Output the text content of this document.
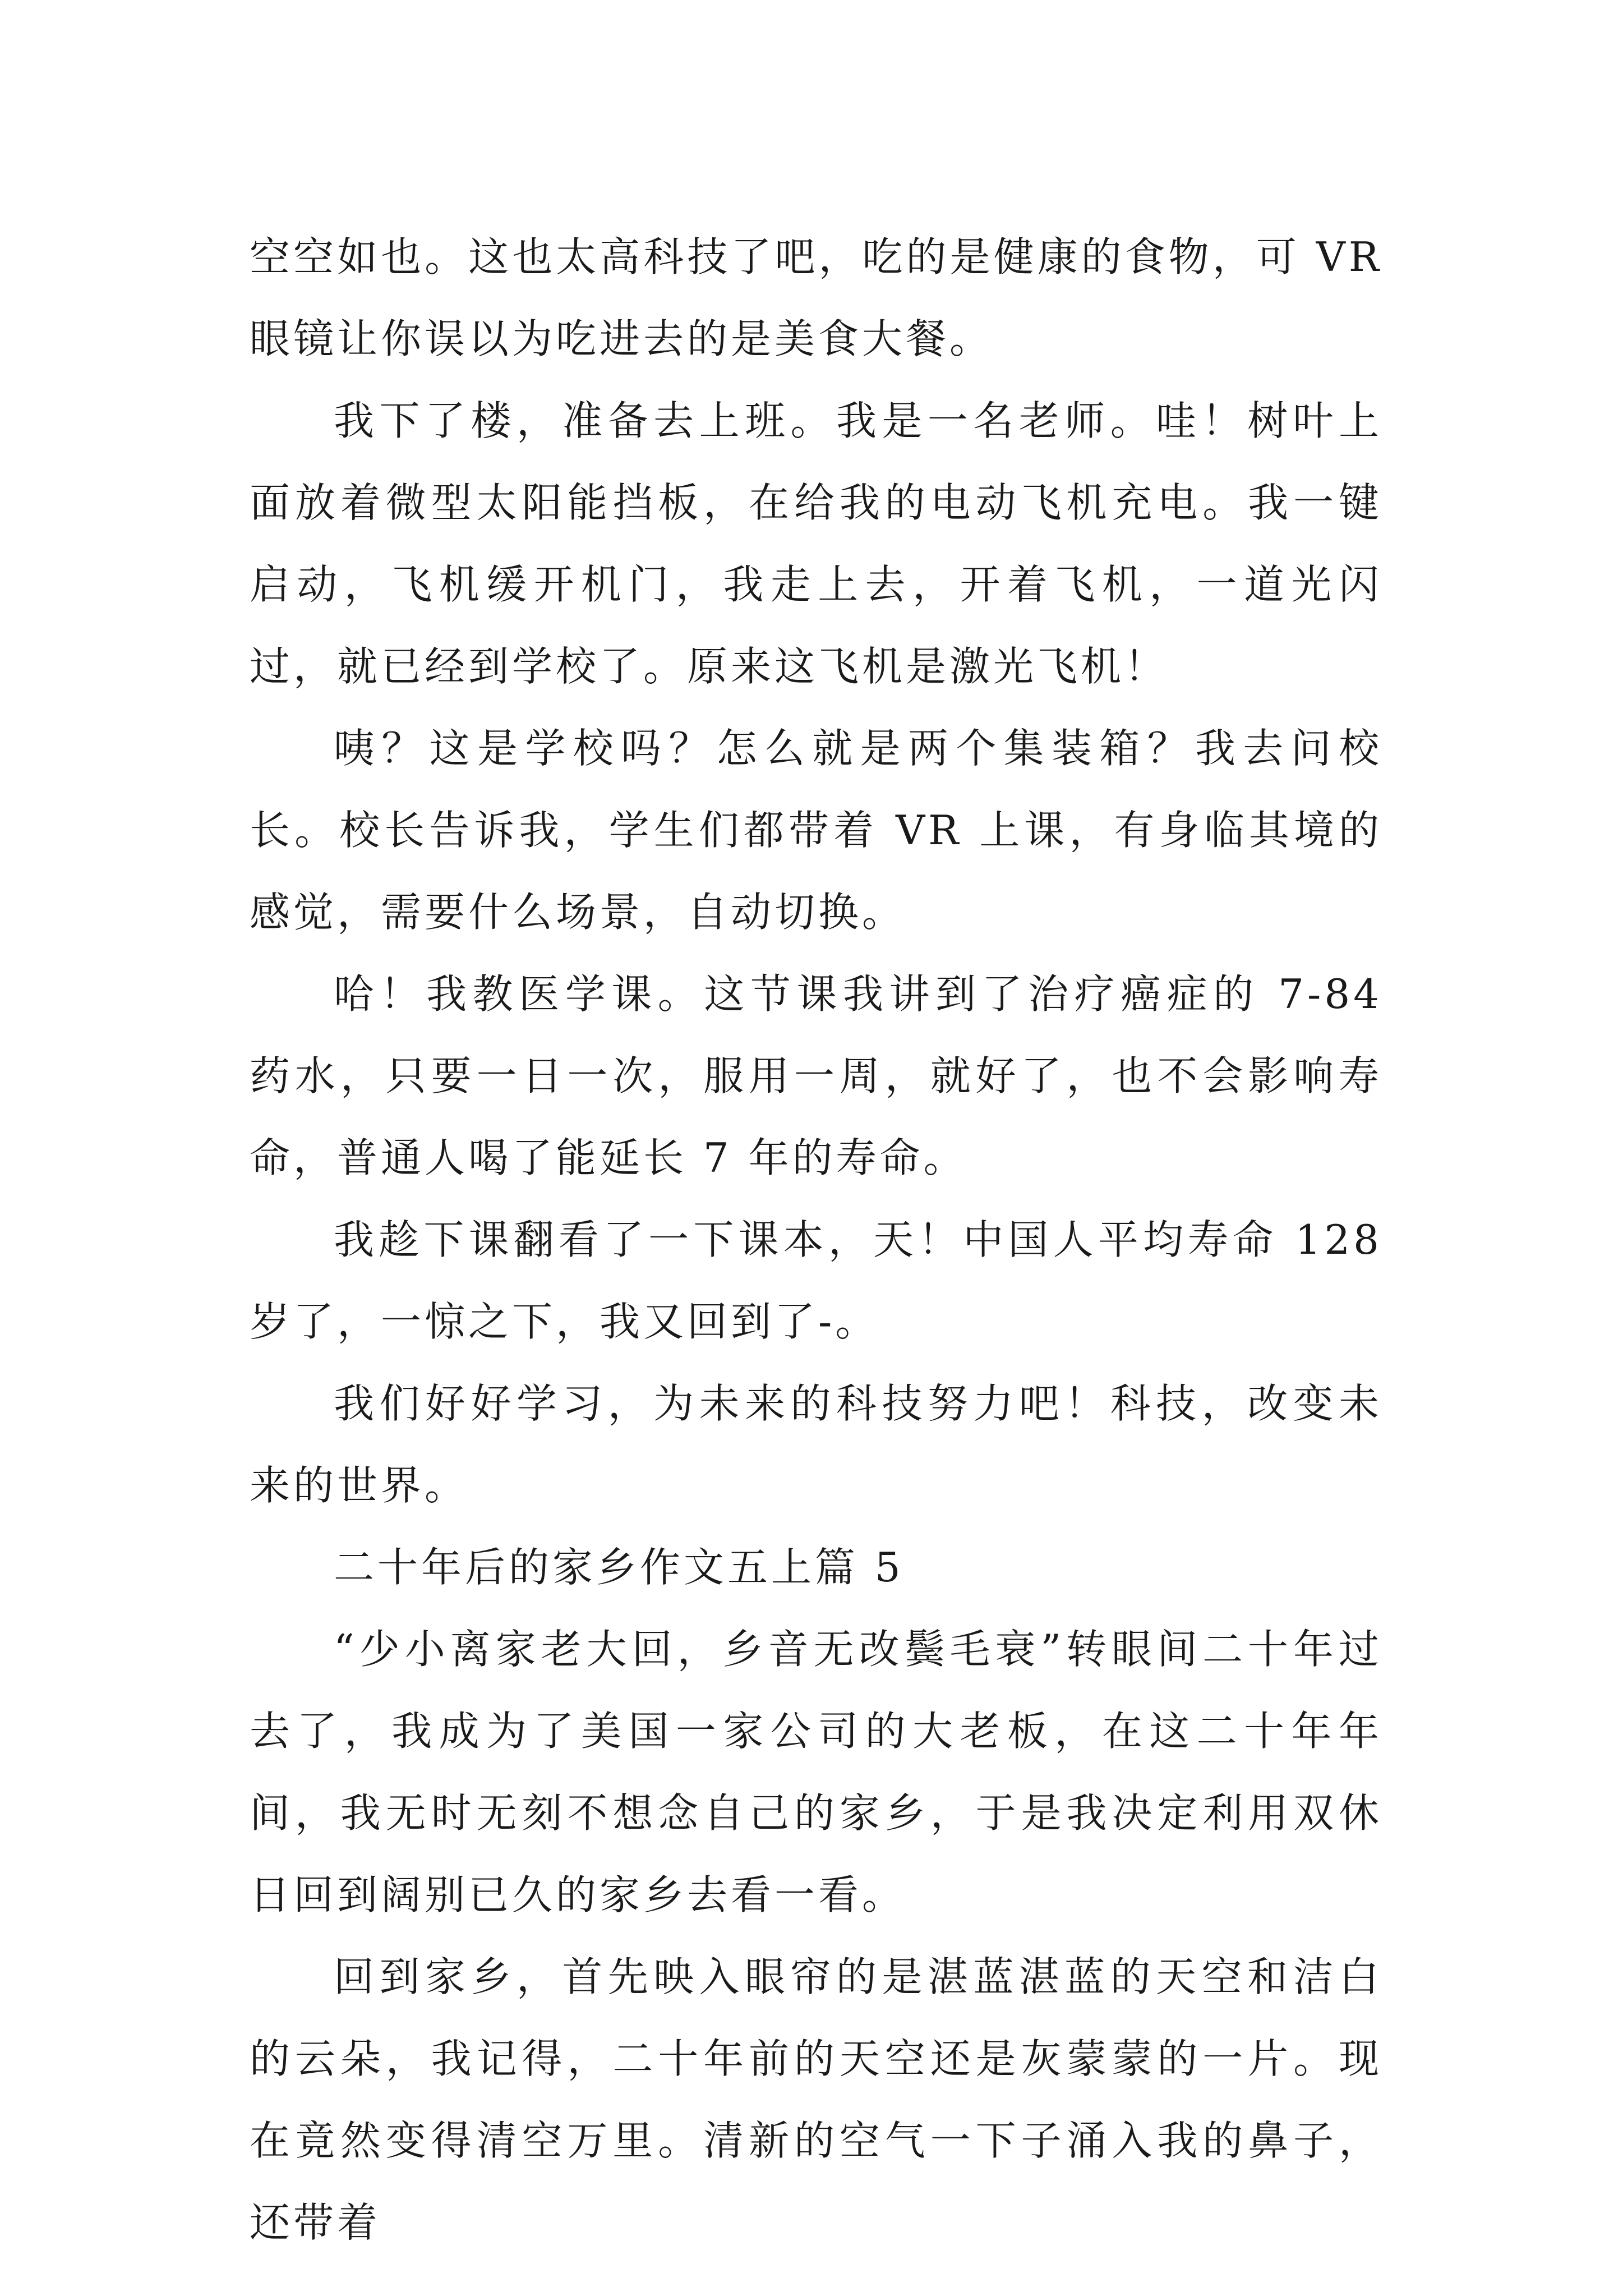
空空如也。这也太高科技了吧，吃的是健康的食物，可 VR 眼镜让你误以为吃进去的是美食大餐。

我下了楼，准备去上班。我是一名老师。哇！树叶上面放着微型太阳能挡板，在给我的电动飞机充电。我一键启动，飞机缓开机门，我走上去，开着飞机，一道光闪过，就已经到学校了。原来这飞机是激光飞机！

咦？这是学校吗？怎么就是两个集装箱？我去问校长。校长告诉我，学生们都带着 VR 上课，有身临其境的感觉，需要什么场景，自动切换。

哈！我教医学课。这节课我讲到了治疗癌症的 7-84 药水，只要一日一次，服用一周，就好了，也不会影响寿命，普通人喝了能延长 7 年的寿命。

我趁下课翻看了一下课本，天！中国人平均寿命 128 岁了，一惊之下，我又回到了-。

我们好好学习，为未来的科技努力吧！科技，改变未来的世界。

二十年后的家乡作文五上篇 5

“少小离家老大回，乡音无改鬓毛衰”转眼间二十年过去了，我成为了美国一家公司的大老板，在这二十年年间，我无时无刻不想念自己的家乡，于是我决定利用双休日回到阔别已久的家乡去看一看。

回到家乡，首先映入眼帘的是湛蓝湛蓝的天空和洁白的云朵，我记得，二十年前的天空还是灰蒙蒙的一片。现在竟然变得清空万里。清新的空气一下子涌入我的鼻子，还带着
